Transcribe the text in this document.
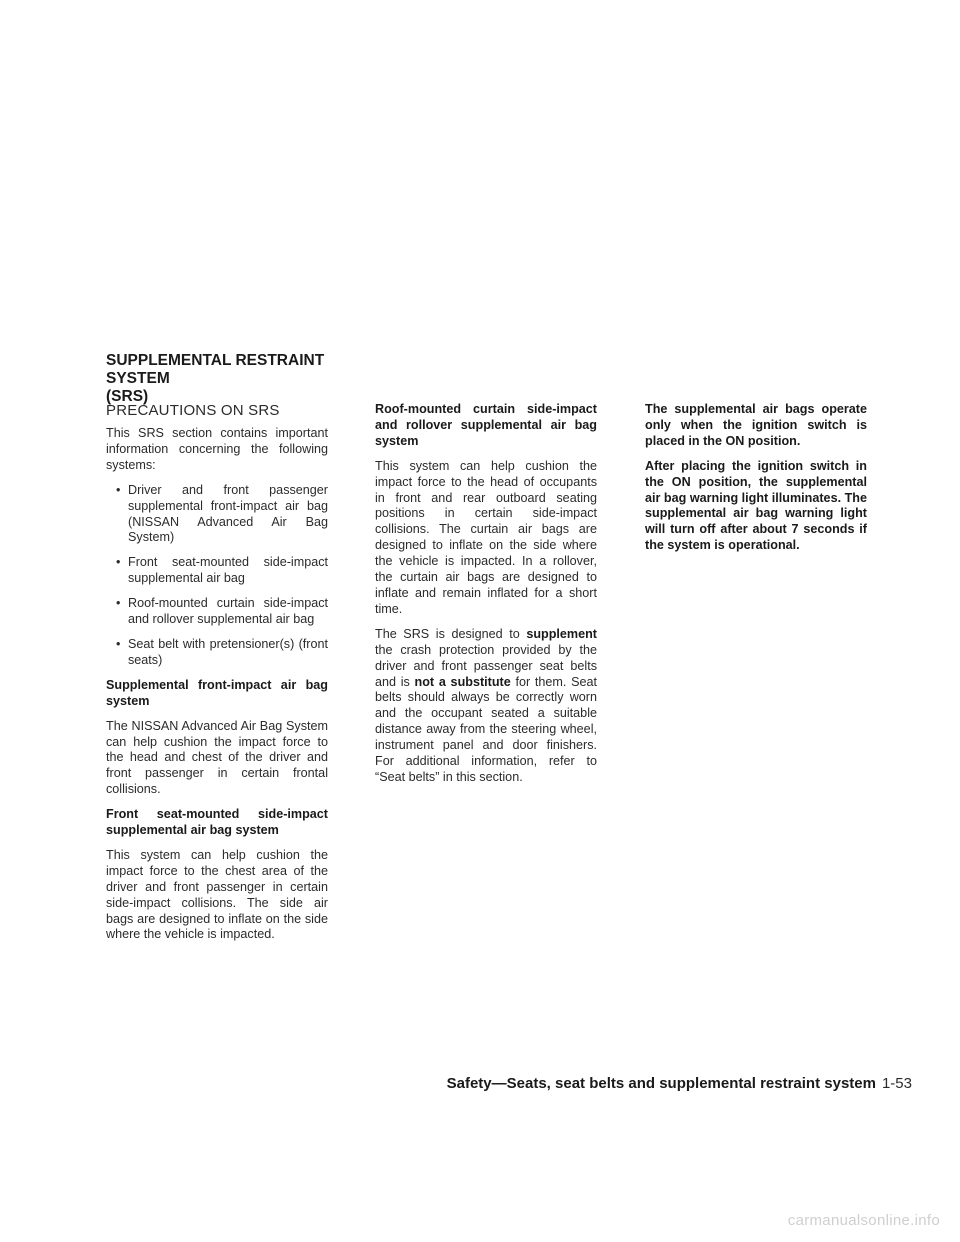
SUPPLEMENTAL RESTRAINT SYSTEM
(SRS)
PRECAUTIONS ON SRS

This SRS section contains important information concerning the following systems:

• Driver and front passenger supplemental front-impact air bag (NISSAN Advanced Air Bag System)
• Front seat-mounted side-impact supplemental air bag
• Roof-mounted curtain side-impact and rollover supplemental air bag
• Seat belt with pretensioner(s) (front seats)

Supplemental front-impact air bag system

The NISSAN Advanced Air Bag System can help cushion the impact force to the head and chest of the driver and front passenger in certain frontal collisions.

Front seat-mounted side-impact supplemental air bag system

This system can help cushion the impact force to the chest area of the driver and front passenger in certain side-impact collisions. The side air bags are designed to inflate on the side where the vehicle is impacted.

Roof-mounted curtain side-impact and rollover supplemental air bag system

This system can help cushion the impact force to the head of occupants in front and rear outboard seating positions in certain side-impact collisions. The curtain air bags are designed to inflate on the side where the vehicle is impacted. In a rollover, the curtain air bags are designed to inflate and remain inflated for a short time.

The SRS is designed to supplement the crash protection provided by the driver and front passenger seat belts and is not a substitute for them. Seat belts should always be correctly worn and the occupant seated a suitable distance away from the steering wheel, instrument panel and door finishers. For additional information, refer to “Seat belts” in this section.

The supplemental air bags operate only when the ignition switch is placed in the ON position.

After placing the ignition switch in the ON position, the supplemental air bag warning light illuminates. The supplemental air bag warning light will turn off after about 7 seconds if the system is operational.

Safety—Seats, seat belts and supplemental restraint system 1-53
carmanualsonline.info
